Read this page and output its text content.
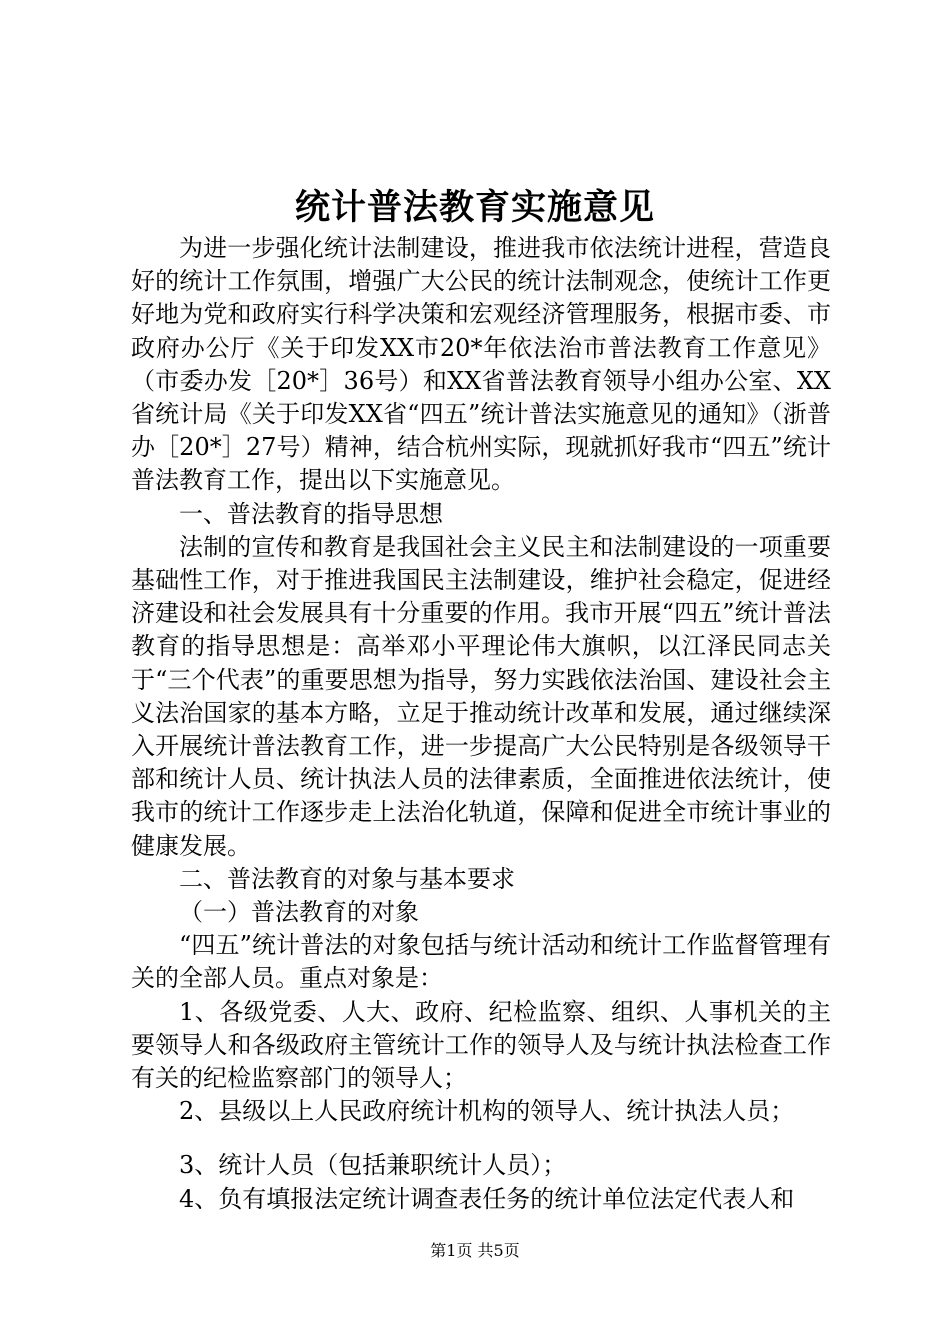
统计普法教育实施意见

为进一步强化统计法制建设，推进我市依法统计进程，营造良好的统计工作氛围，增强广大公民的统计法制观念，使统计工作更好地为党和政府实行科学决策和宏观经济管理服务，根据市委、市政府办公厅《关于印发XX市20*年依法治市普法教育工作意见》（市委办发［20*］36号）和XX省普法教育领导小组办公室、XX省统计局《关于印发XX省“四五”统计普法实施意见的通知》（浙普办［20*］27号）精神，结合杭州实际，现就抓好我市“四五”统计普法教育工作，提出以下实施意见。

一、普法教育的指导思想

法制的宣传和教育是我国社会主义民主和法制建设的一项重要基础性工作，对于推进我国民主法制建设，维护社会稳定，促进经济建设和社会发展具有十分重要的作用。我市开展“四五”统计普法教育的指导思想是：高举邓小平理论伟大旗帜，以江泽民同志关于“三个代表”的重要思想为指导，努力实践依法治国、建设社会主义法治国家的基本方略，立足于推动统计改革和发展，通过继续深入开展统计普法教育工作，进一步提高广大公民特别是各级领导干部和统计人员、统计执法人员的法律素质，全面推进依法统计，使我市的统计工作逐步走上法治化轨道，保障和促进全市统计事业的健康发展。

二、普法教育的对象与基本要求

（一）普法教育的对象

“四五”统计普法的对象包括与统计活动和统计工作监督管理有关的全部人员。重点对象是：

1、各级党委、人大、政府、纪检监察、组织、人事机关的主要领导人和各级政府主管统计工作的领导人及与统计执法检查工作有关的纪检监察部门的领导人；

2、县级以上人民政府统计机构的领导人、统计执法人员；

3、统计人员（包括兼职统计人员）；

4、负有填报法定统计调查表任务的统计单位法定代表人和

第1页 共5页
